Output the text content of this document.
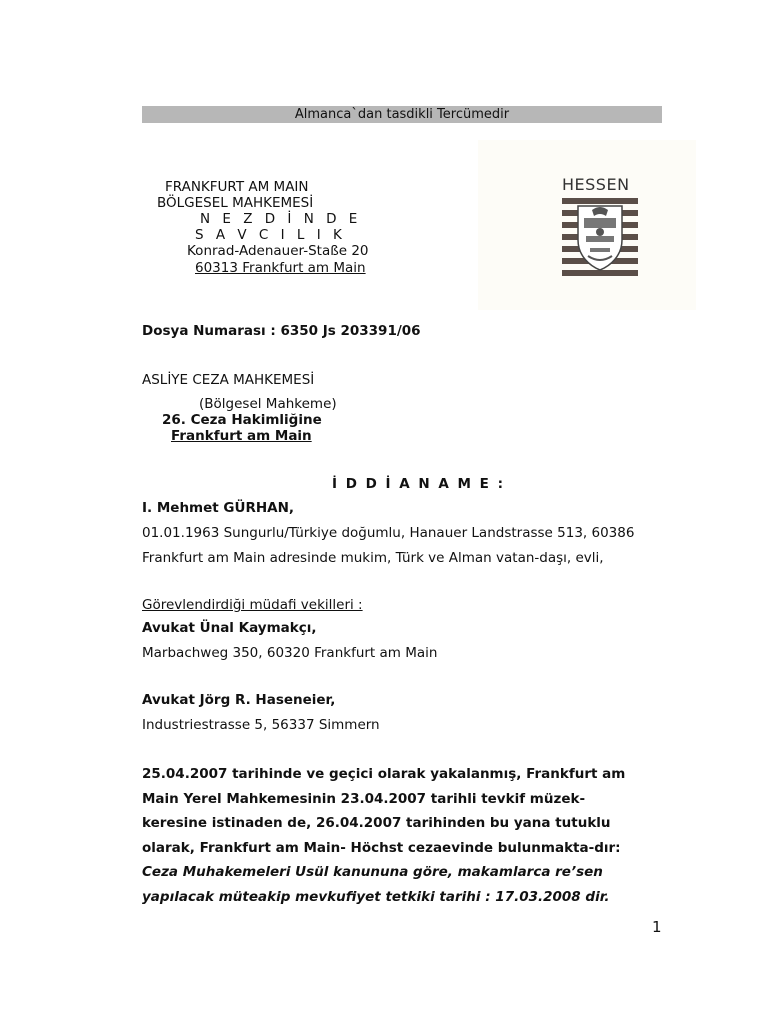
Almanca`dan tasdikli Tercümedir
FRANKFURT AM MAIN
BÖLGESEL MAHKEMESİ
N E Z D İ N D E
S A V C I L I K
Konrad-Adenauer-Staße 20
60313 Frankfurt am Main
HESSEN
Dosya Numarası : 6350 Js 203391/06
ASLİYE CEZA MAHKEMESİ
(Bölgesel Mahkeme)
26. Ceza Hakimliğine
Frankfurt am Main
İ D D İ A N A M E :
I. Mehmet GÜRHAN,
01.01.1963 Sungurlu/Türkiye doğumlu, Hanauer Landstrasse 513, 60386
Frankfurt am Main adresinde mukim, Türk ve Alman vatan-daşı, evli,
Görevlendirdiği müdafi vekilleri :
Avukat Ünal Kaymakçı,
Marbachweg 350, 60320 Frankfurt am Main
Avukat Jörg R. Haseneier,
Industriestrasse 5, 56337 Simmern
25.04.2007 tarihinde ve geçici olarak yakalanmış, Frankfurt am
Main Yerel Mahkemesinin 23.04.2007 tarihli tevkif müzek-
keresine istinaden de, 26.04.2007 tarihinden bu yana tutuklu
olarak, Frankfurt am Main- Höchst cezaevinde bulunmakta-dır:
Ceza Muhakemeleri Usül kanununa göre, makamlarca re’sen
yapılacak müteakip mevkufiyet tetkiki tarihi : 17.03.2008 dir.
1
